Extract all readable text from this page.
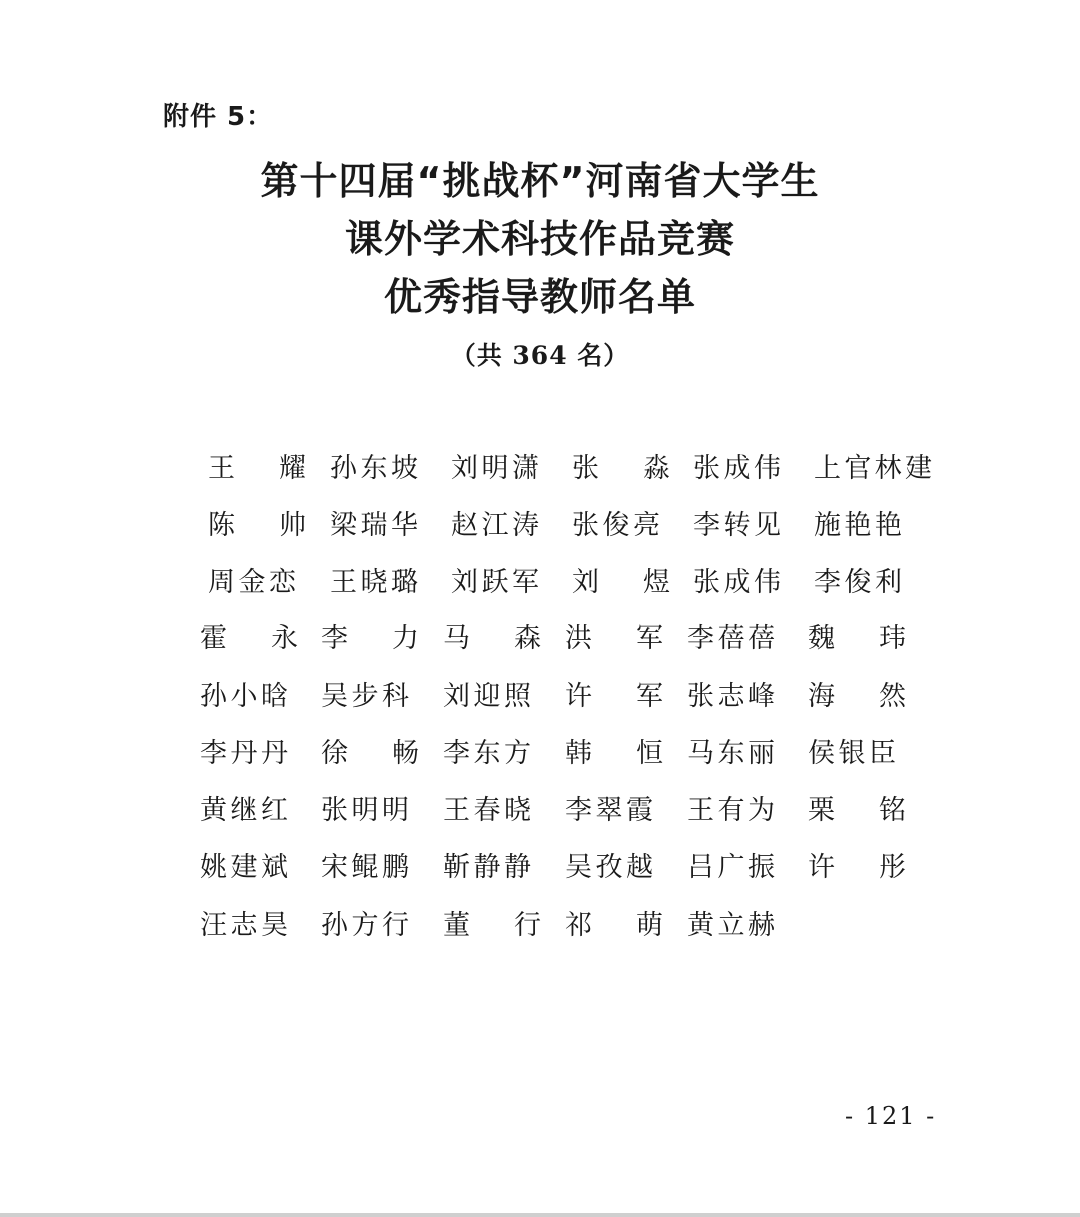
附件 5：
第十四届“挑战杯”河南省大学生
课外学术科技作品竞赛
优秀指导教师名单
（共 364 名）
王 耀 孙 东 坡 刘 明 潇 张 淼 张 成 伟 上 官 林 建
陈 帅 梁 瑞 华 赵 江 涛 张 俊 亮 李 转 见 施 艳 艳
周 金 恋 王 晓 璐 刘 跃 军 刘 煜 张 成 伟 李 俊 利
霍 永 李 力 马 森 洪 军 李 蓓 蓓 魏 玮
孙 小 晗 吴 步 科 刘 迎 照 许 军 张 志 峰 海 然
李 丹 丹 徐 畅 李 东 方 韩 恒 马 东 丽 侯 银 臣
黄 继 红 张 明 明 王 春 晓 李 翠 霞 王 有 为 栗 铭
姚 建 斌 宋 鲲 鹏 靳 静 静 吴 孜 越 吕 广 振 许 彤
汪 志 昊 孙 方 行 董 行 祁 萌 黄 立 赫
- 121 -
